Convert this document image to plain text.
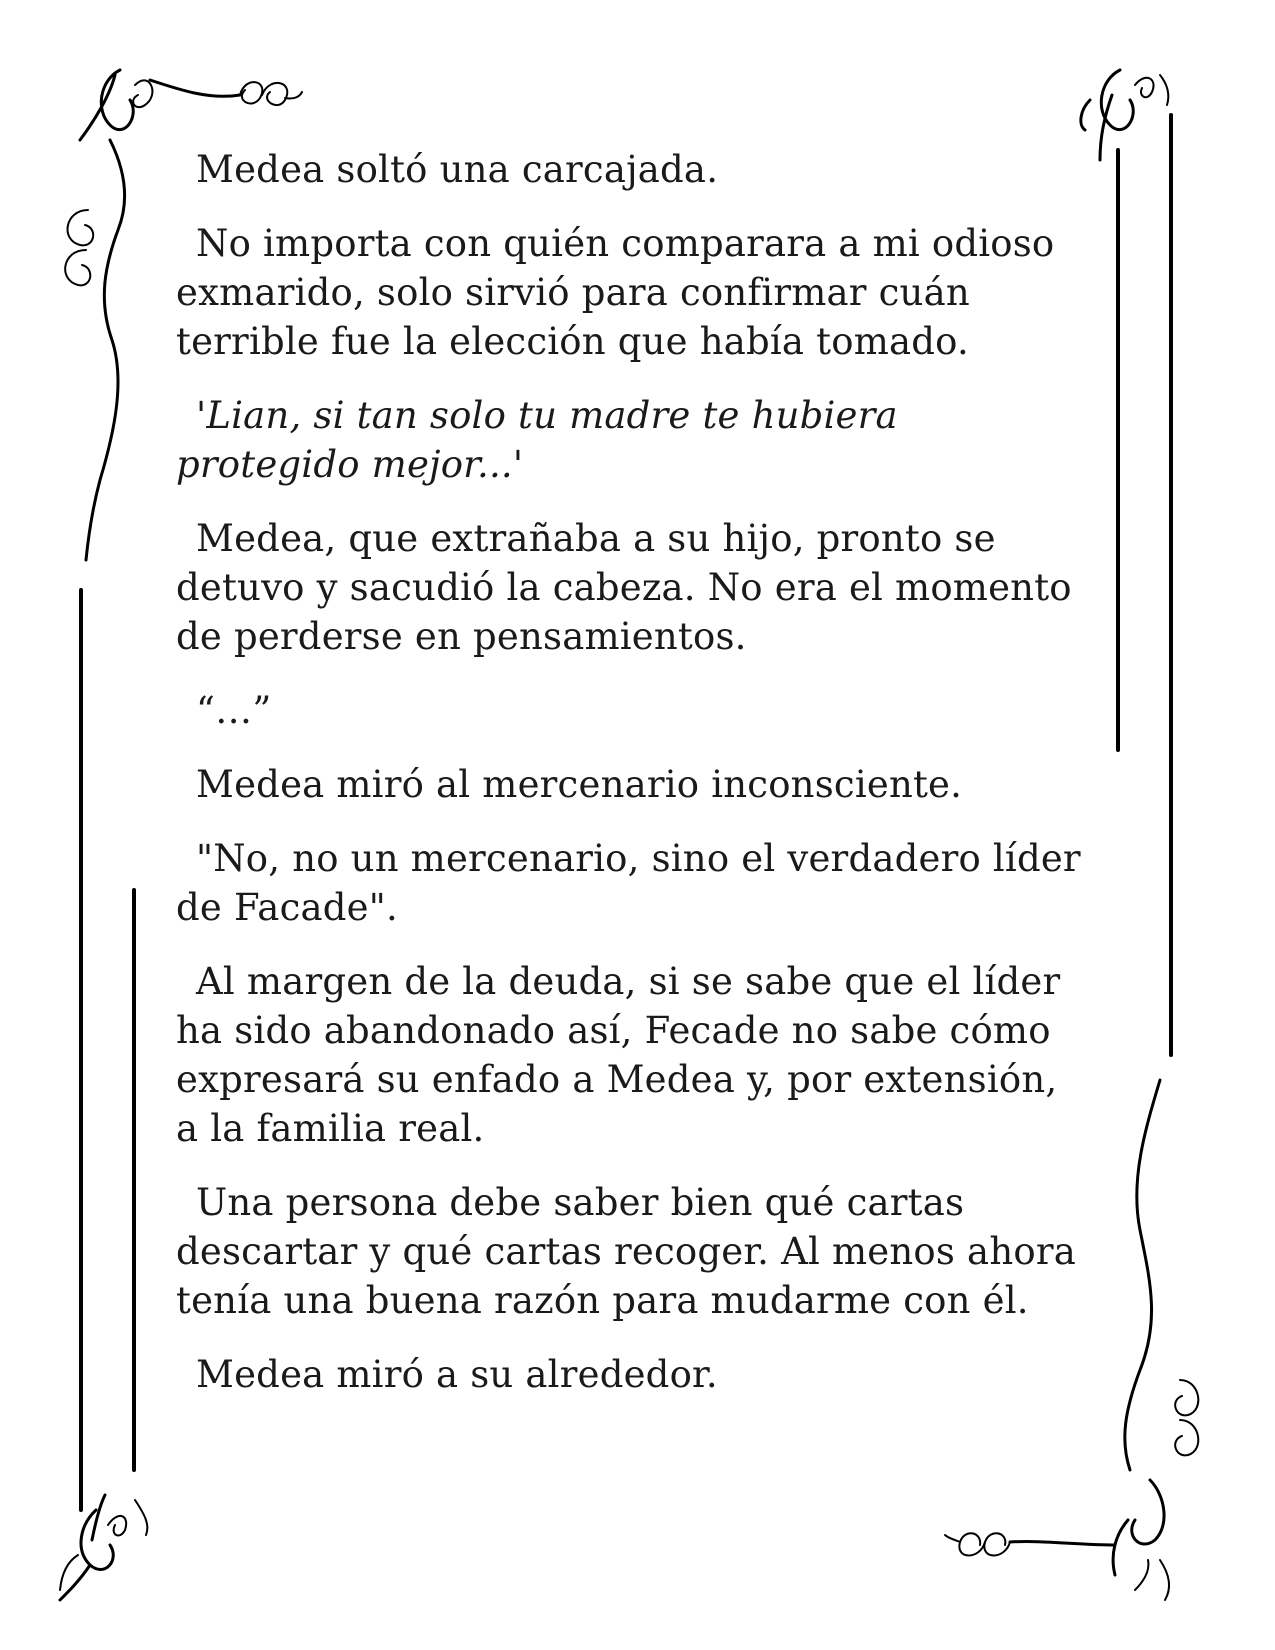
Medea soltó una carcajada.

No importa con quién comparara a mi odioso exmarido, solo sirvió para confirmar cuán terrible fue la elección que había tomado.

'Lian, si tan solo tu madre te hubiera protegido mejor...'

Medea, que extrañaba a su hijo, pronto se detuvo y sacudió la cabeza. No era el momento de perderse en pensamientos.

“…”

Medea miró al mercenario inconsciente.

"No, no un mercenario, sino el verdadero líder de Facade".

Al margen de la deuda, si se sabe que el líder ha sido abandonado así, Fecade no sabe cómo expresará su enfado a Medea y, por extensión, a la familia real.

Una persona debe saber bien qué cartas descartar y qué cartas recoger. Al menos ahora tenía una buena razón para mudarme con él.

Medea miró a su alrededor.
